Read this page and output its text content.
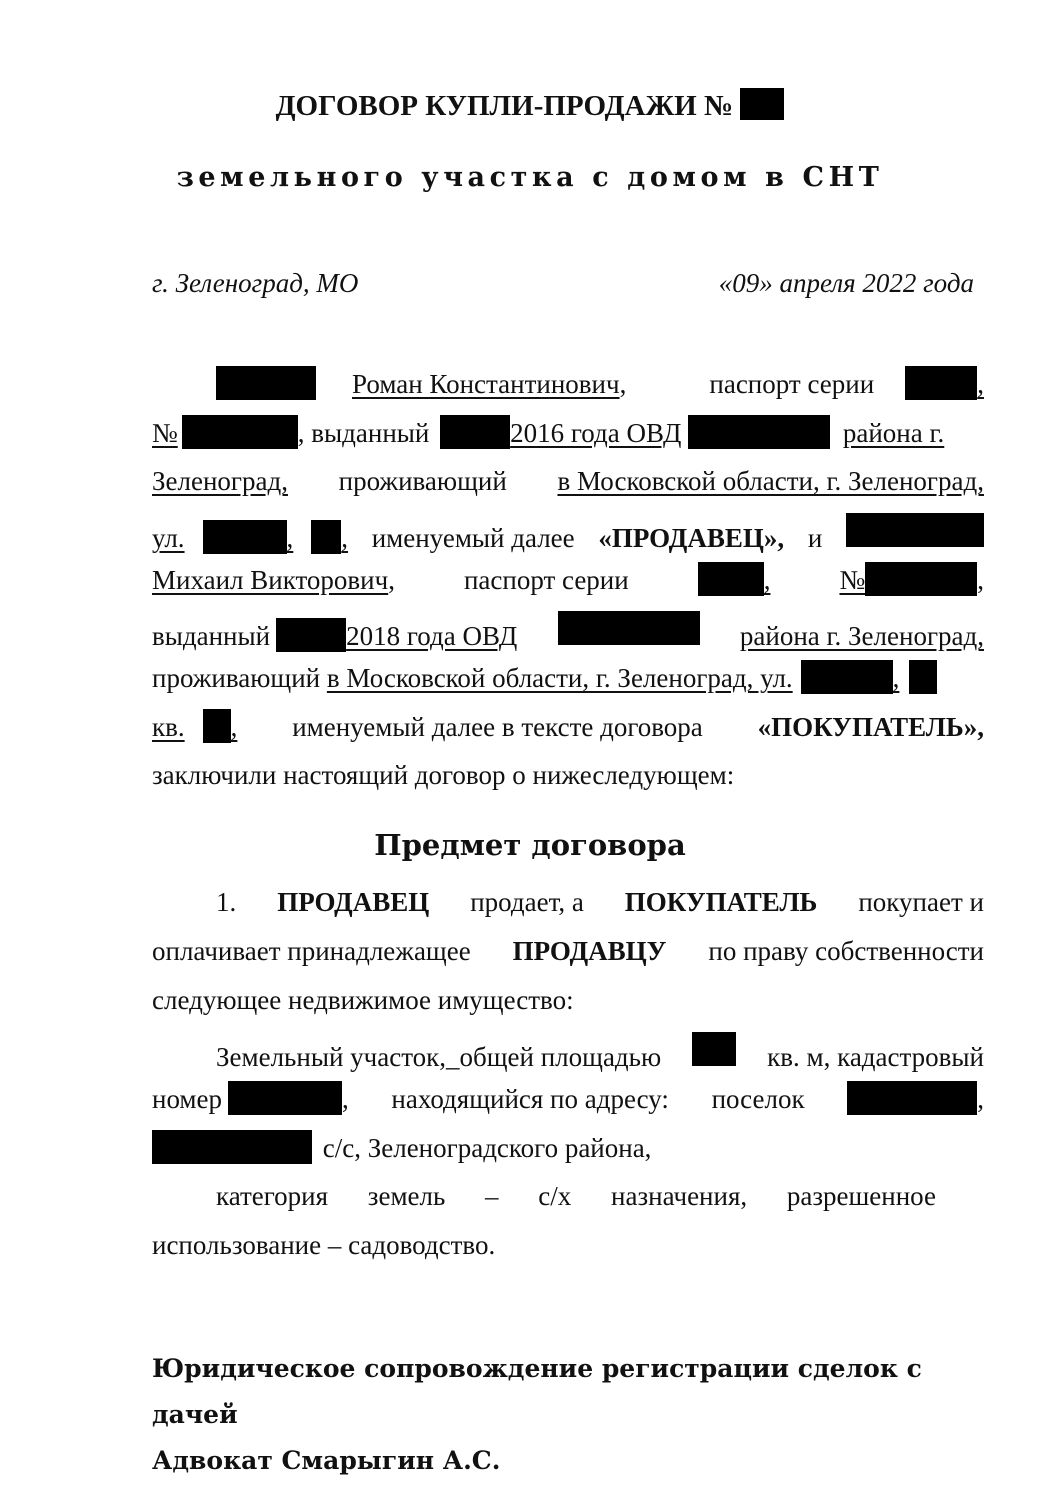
ДОГОВОР КУПЛИ-ПРОДАЖИ №
земельного участка с домом в СНТ
г. Зеленоград, МО	«09» апреля 2022 года
Роман Константинович,	паспорт серии	,
№	, выданный	2016 года ОВД	района г.
Зеленоград, проживающий в Московской области, г. Зеленоград,
ул.	, , именуемый далее «ПРОДАВЕЦ», и
Михаил Викторович,	паспорт серии	,	№	,
выданный	2018 года ОВД	района г. Зеленоград,
проживающий в Московской области, г. Зеленоград, ул.	,
кв. , именуемый далее в тексте договора «ПОКУПАТЕЛЬ»,
заключили настоящий договор о нижеследующем:
Предмет договора
1. ПРОДАВЕЦ продает, а ПОКУПАТЕЛЬ покупает и
оплачивает принадлежащее ПРОДАВЦУ по праву собственности
следующее недвижимое имущество:
Земельный участок,_общей площадью	кв. м, кадастровый
номер	, находящийся по адресу: поселок	,
с/с, Зеленоградского района,
категория земель – с/х назначения, разрешенное
использование – садоводство.
Юридическое сопровождение регистрации сделок с
дачей
Адвокат Смарыгин А.С.
